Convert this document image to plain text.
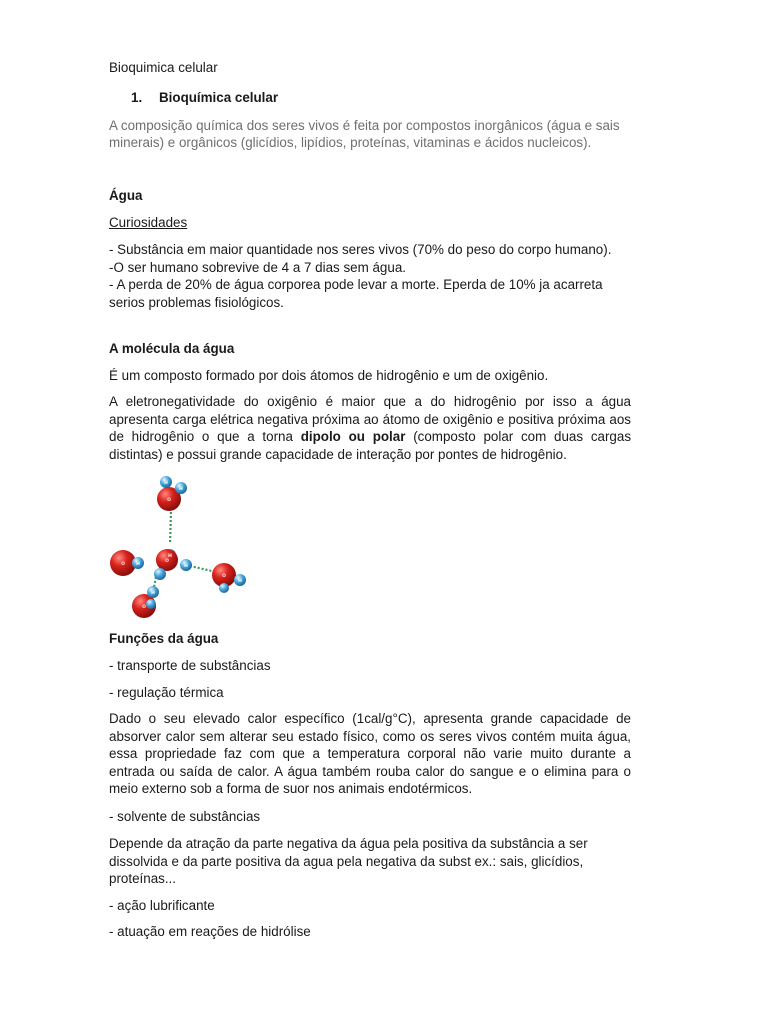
Bioquimica celular

1. Bioquímica celular

A composição química dos seres vivos é feita por compostos inorgânicos (água e sais

minerais) e orgânicos (glicídios, lipídios, proteínas, vitaminas e ácidos nucleicos).

Água

Curiosidades

- Substância em maior quantidade nos seres vivos (70% do peso do corpo humano).

-O ser humano sobrevive de 4 a 7 dias sem água.

- A perda de 20% de água corporea pode levar a morte. Eperda de 10% ja acarreta serios problemas fisiológicos.

A molécula da água

É um composto formado por dois átomos de hidrogênio e um de oxigênio.

A eletronegatividade do oxigênio é maior que a do hidrogênio por isso a água apresenta carga elétrica negativa próxima ao átomo de oxigênio e positiva próxima aos de hidrogênio o que a torna dipolo ou polar (composto polar com duas cargas distintas) e possui grande capacidade de interação por pontes de hidrogênio.

O
H
H
H
O
H
O H
O
H
O
H

Funções da água

- transporte de substâncias

- regulação térmica

Dado o seu elevado calor específico (1cal/g°C), apresenta grande capacidade de absorver calor sem alterar seu estado físico, como os seres vivos contém muita água, essa propriedade faz com que a temperatura corporal não varie muito durante a entrada ou saída de calor. A água também rouba calor do sangue e o elimina para o meio externo sob a forma de suor nos animais endotérmicos.

- solvente de substâncias

Depende da atração da parte negativa da água pela positiva da substância a ser dissolvida e da parte positiva da agua pela negativa da subst ex.: sais, glicídios, proteínas...

- ação lubrificante

- atuação em reações de hidrólise
